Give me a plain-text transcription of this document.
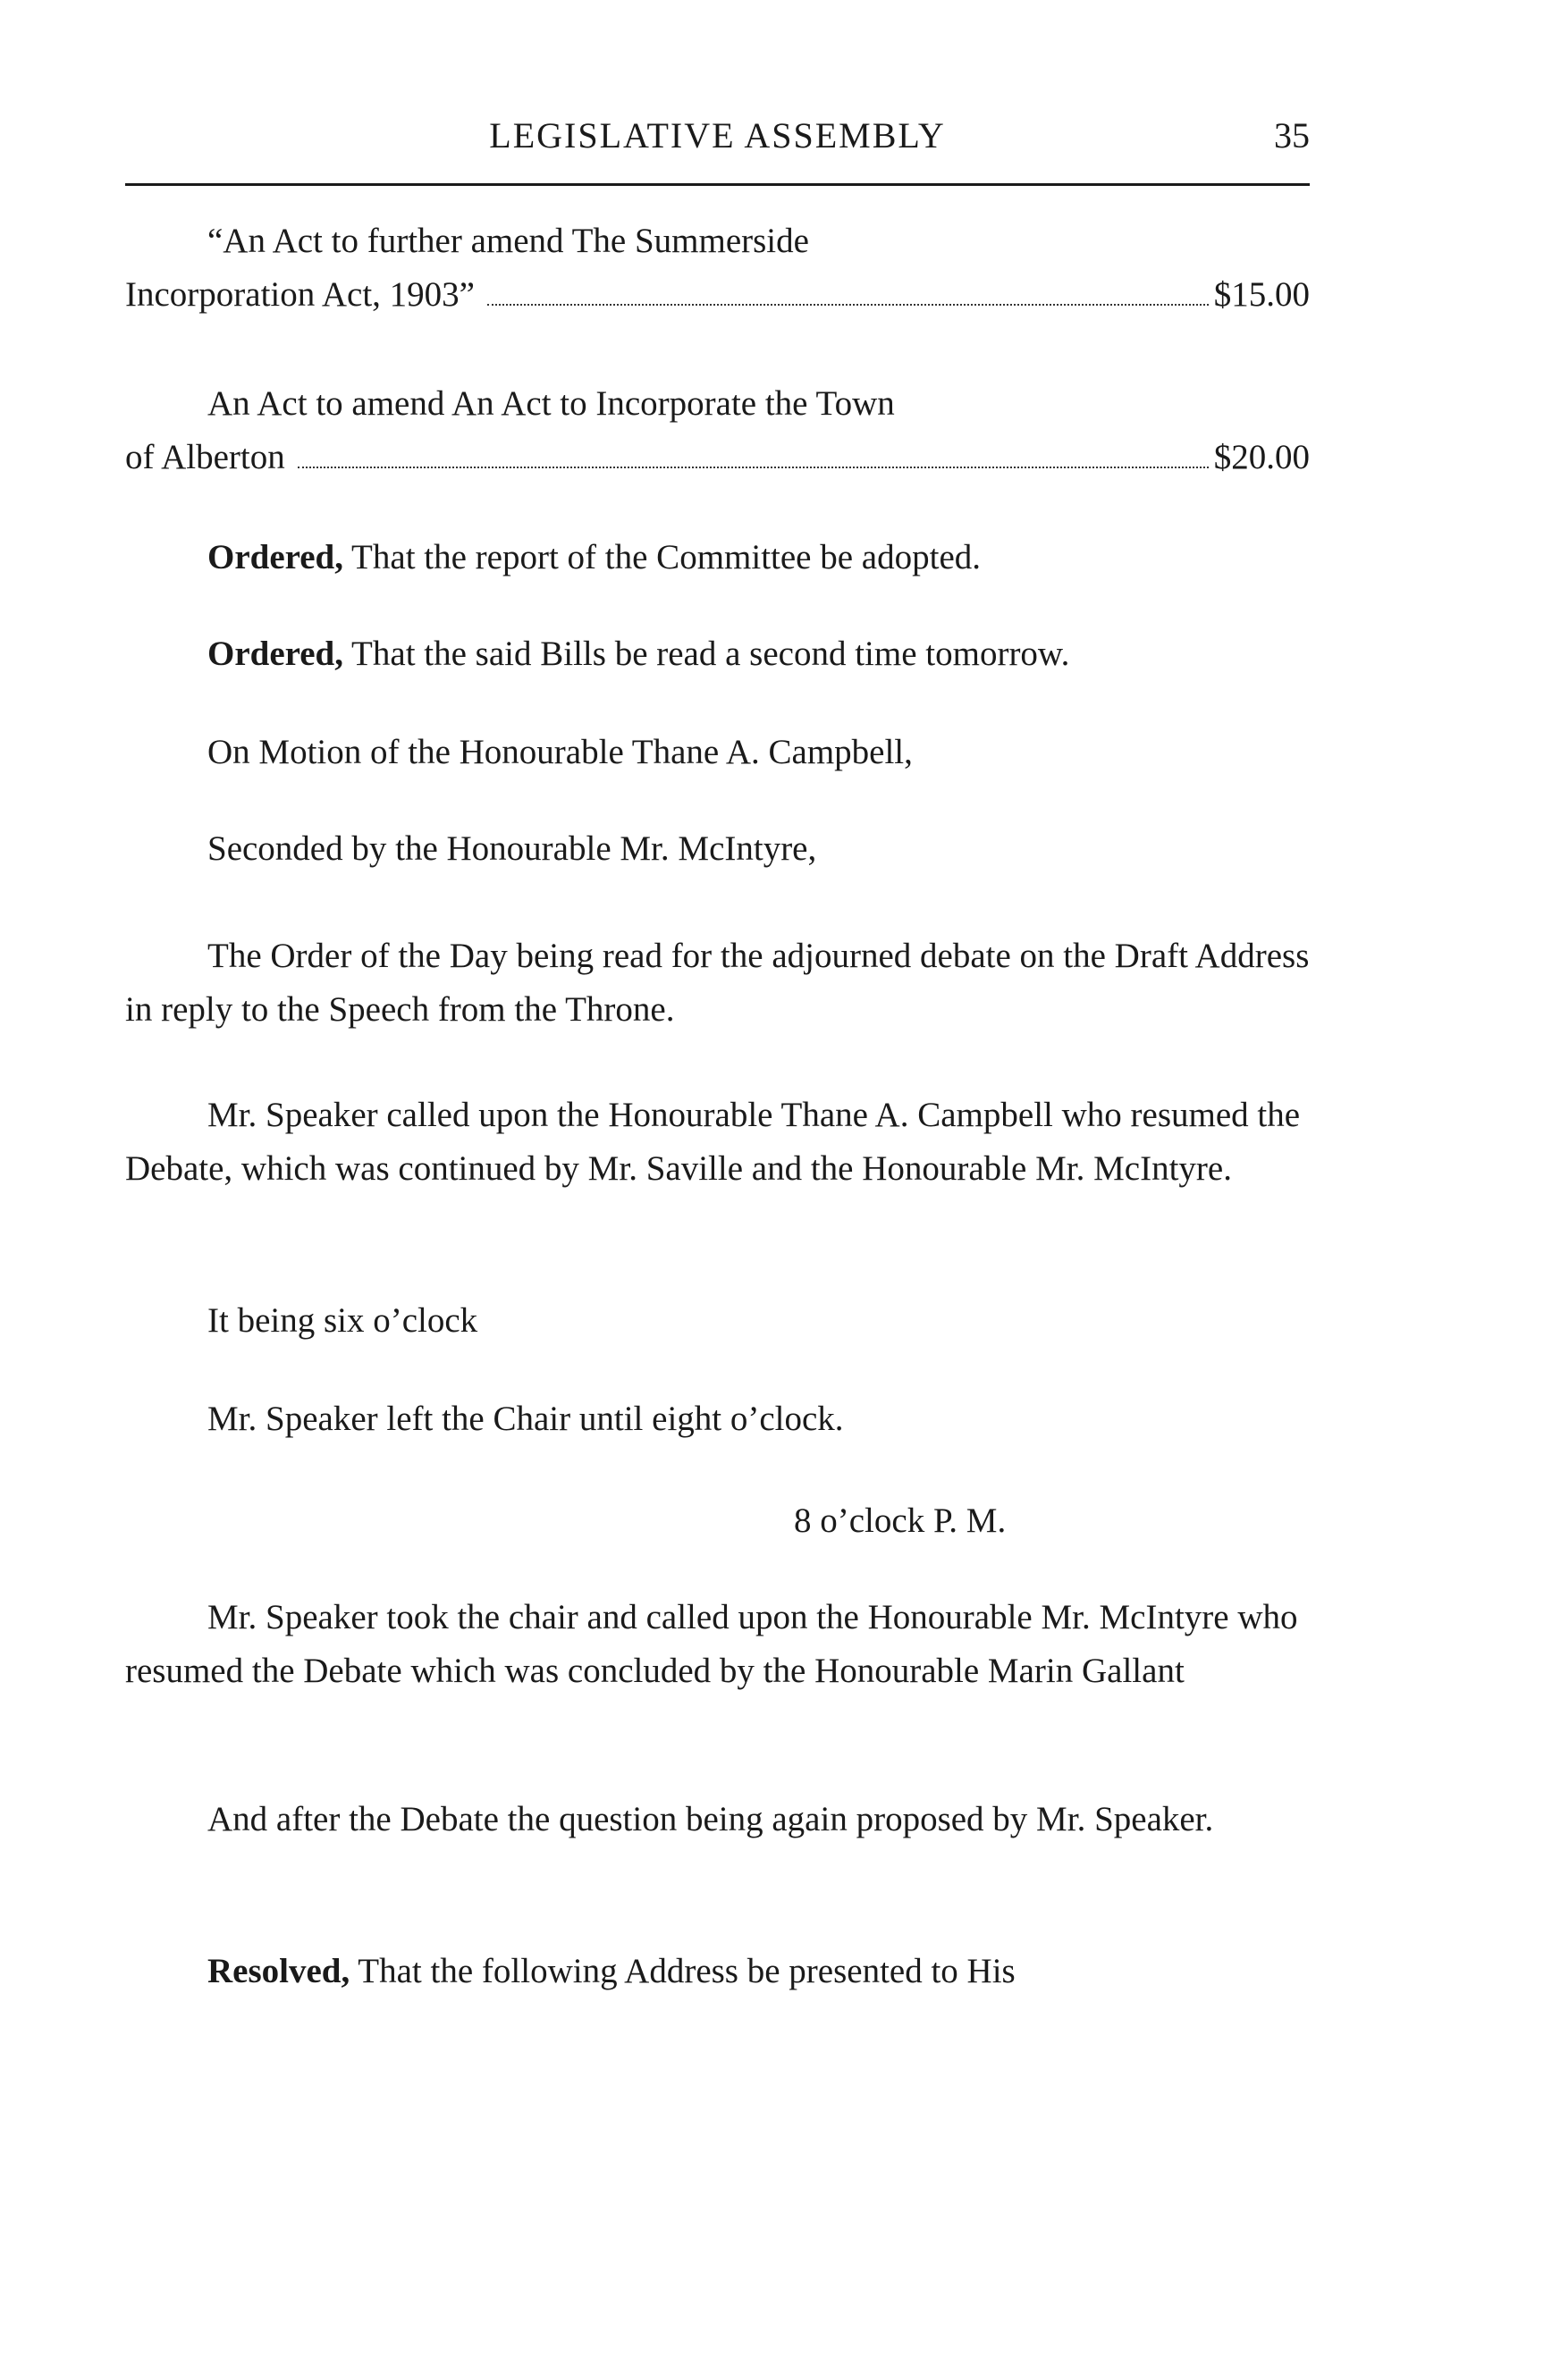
LEGISLATIVE ASSEMBLY	35
“An Act to further amend The Summerside
Incorporation Act, 1903”	$15.00
An Act to amend An Act to Incorporate the Town
of Alberton	$20.00

Ordered, That the report of the Committee be adopted.

Ordered, That the said Bills be read a second time tomorrow.

On Motion of the Honourable Thane A. Campbell,

Seconded by the Honourable Mr. McIntyre,

The Order of the Day being read for the adjourned debate on the Draft Address in reply to the Speech from the Throne.

Mr. Speaker called upon the Honourable Thane A. Campbell who resumed the Debate, which was continued by Mr. Saville and the Honourable Mr. McIntyre.

It being six o’clock

Mr. Speaker left the Chair until eight o’clock.

8 o’clock P. M.

Mr. Speaker took the chair and called upon the Honourable Mr. McIntyre who resumed the Debate which was concluded by the Honourable Marin Gallant

And after the Debate the question being again proposed by Mr. Speaker.

Resolved, That the following Address be presented to His
